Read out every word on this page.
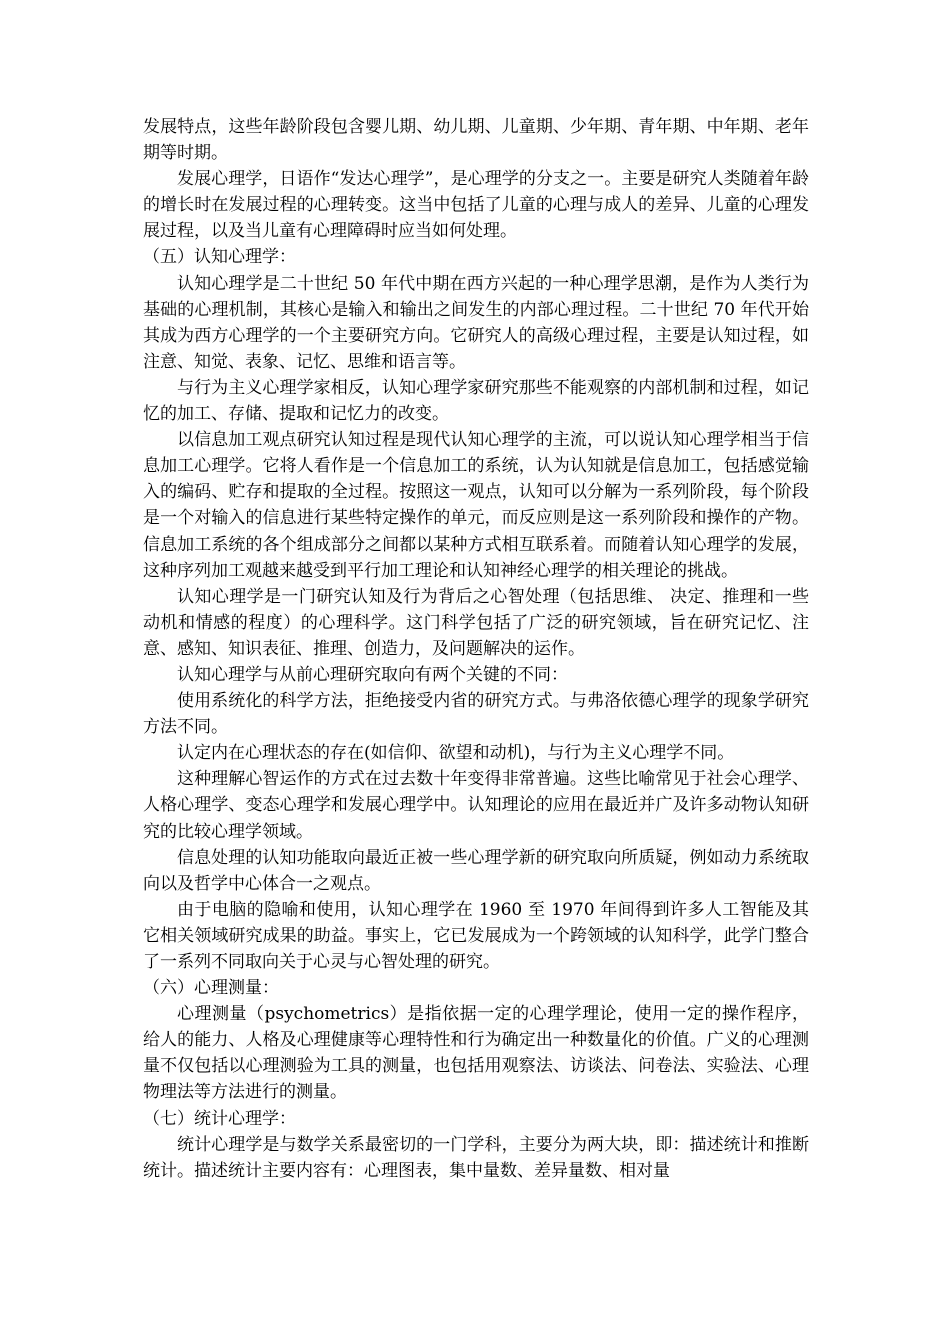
发展特点，这些年龄阶段包含婴儿期、幼儿期、儿童期、少年期、青年期、中年期、老年期等时期。

发展心理学，日语作“发达心理学”，是心理学的分支之一。主要是研究人类随着年龄的增长时在发展过程的心理转变。这当中包括了儿童的心理与成人的差异、儿童的心理发展过程，以及当儿童有心理障碍时应当如何处理。

（五）认知心理学：

认知心理学是二十世纪 50 年代中期在西方兴起的一种心理学思潮，是作为人类行为基础的心理机制，其核心是输入和输出之间发生的内部心理过程。二十世纪 70 年代开始其成为西方心理学的一个主要研究方向。它研究人的高级心理过程，主要是认知过程，如注意、知觉、表象、记忆、思维和语言等。

与行为主义心理学家相反，认知心理学家研究那些不能观察的内部机制和过程，如记忆的加工、存储、提取和记忆力的改变。

以信息加工观点研究认知过程是现代认知心理学的主流，可以说认知心理学相当于信息加工心理学。它将人看作是一个信息加工的系统，认为认知就是信息加工，包括感觉输入的编码、贮存和提取的全过程。按照这一观点，认知可以分解为一系列阶段，每个阶段是一个对输入的信息进行某些特定操作的单元，而反应则是这一系列阶段和操作的产物。信息加工系统的各个组成部分之间都以某种方式相互联系着。而随着认知心理学的发展，这种序列加工观越来越受到平行加工理论和认知神经心理学的相关理论的挑战。

认知心理学是一门研究认知及行为背后之心智处理（包括思维、 决定、推理和一些动机和情感的程度）的心理科学。这门科学包括了广泛的研究领域，旨在研究记忆、注意、感知、知识表征、推理、创造力，及问题解决的运作。

认知心理学与从前心理研究取向有两个关键的不同：

使用系统化的科学方法，拒绝接受内省的研究方式。与弗洛依德心理学的现象学研究方法不同。

认定内在心理状态的存在(如信仰、欲望和动机)，与行为主义心理学不同。

这种理解心智运作的方式在过去数十年变得非常普遍。这些比喻常见于社会心理学、人格心理学、变态心理学和发展心理学中。认知理论的应用在最近并广及许多动物认知研究的比较心理学领域。

信息处理的认知功能取向最近正被一些心理学新的研究取向所质疑，例如动力系统取向以及哲学中心体合一之观点。

由于电脑的隐喻和使用，认知心理学在 1960 至 1970 年间得到许多人工智能及其它相关领域研究成果的助益。事实上，它已发展成为一个跨领域的认知科学，此学门整合了一系列不同取向关于心灵与心智处理的研究。

（六）心理测量：

心理测量（psychometrics）是指依据一定的心理学理论，使用一定的操作程序，给人的能力、人格及心理健康等心理特性和行为确定出一种数量化的价值。广义的心理测量不仅包括以心理测验为工具的测量，也包括用观察法、访谈法、问卷法、实验法、心理物理法等方法进行的测量。

（七）统计心理学：

统计心理学是与数学关系最密切的一门学科，主要分为两大块，即：描述统计和推断统计。描述统计主要内容有：心理图表，集中量数、差异量数、相对量
